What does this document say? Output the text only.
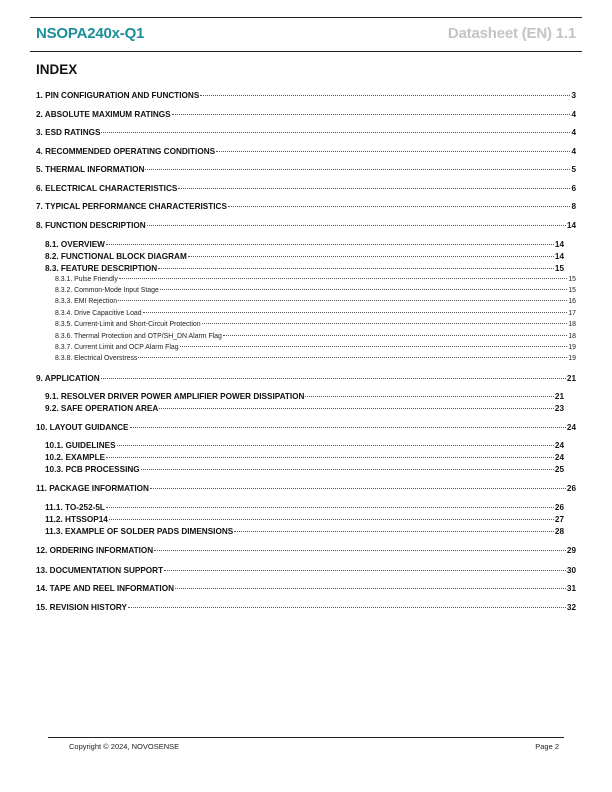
NSOPA240x-Q1	Datasheet (EN) 1.1
INDEX
1. PIN CONFIGURATION AND FUNCTIONS	3
2. ABSOLUTE MAXIMUM RATINGS	4
3. ESD RATINGS	4
4. RECOMMENDED OPERATING CONDITIONS	4
5. THERMAL INFORMATION	5
6. ELECTRICAL CHARACTERISTICS	6
7. TYPICAL PERFORMANCE CHARACTERISTICS	8
8. FUNCTION DESCRIPTION	14
8.1. OVERVIEW	14
8.2. FUNCTIONAL BLOCK DIAGRAM	14
8.3. FEATURE DESCRIPTION	15
8.3.1. Pulse Friendly	15
8.3.2. Common-Mode Input Stage	15
8.3.3. EMI Rejection	16
8.3.4. Drive Capacitive Load	17
8.3.5. Current-Limit and Short-Circuit Protection	18
8.3.6. Thermal Protection and OTP/SH_DN Alarm Flag	18
8.3.7. Current Limit and OCP Alarm Flag	19
8.3.8. Electrical Overstress	19
9. APPLICATION	21
9.1. RESOLVER DRIVER POWER AMPLIFIER POWER DISSIPATION	21
9.2. SAFE OPERATION AREA	23
10. LAYOUT GUIDANCE	24
10.1. GUIDELINES	24
10.2. EXAMPLE	24
10.3. PCB PROCESSING	25
11. PACKAGE INFORMATION	26
11.1. TO-252-5L	26
11.2. HTSSOP14	27
11.3. EXAMPLE OF SOLDER PADS DIMENSIONS	28
12. ORDERING INFORMATION	29
13. DOCUMENTATION SUPPORT	30
14. TAPE AND REEL INFORMATION	31
15. REVISION HISTORY	32
Copyright © 2024, NOVOSENSE	Page 2
